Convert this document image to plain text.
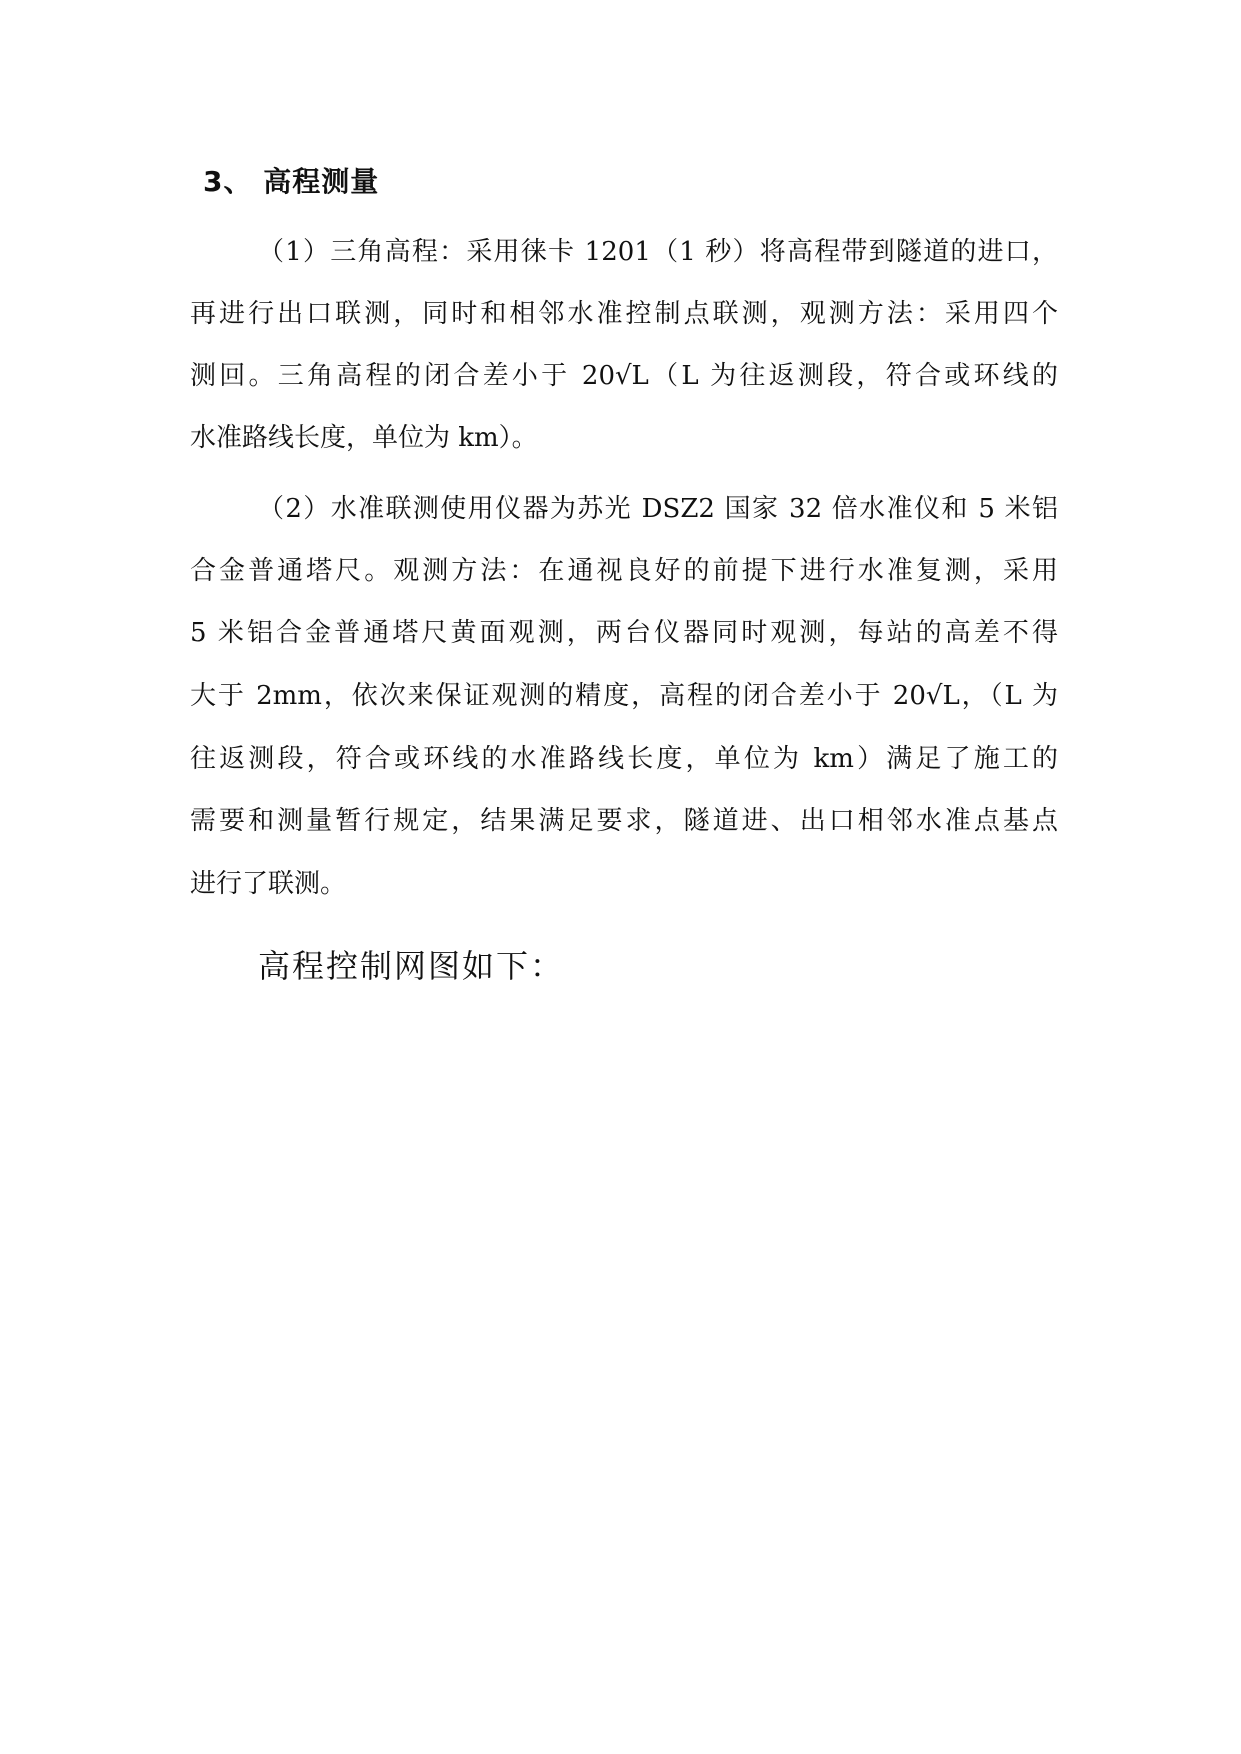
3、 高程测量
（1）三角高程：采用徕卡 1201（1 秒）将高程带到隧道的进口，
再进行出口联测，同时和相邻水准控制点联测，观测方法：采用四个
测回。三角高程的闭合差小于 20√L（L 为往返测段，符合或环线的
水准路线长度，单位为 km）。
（2）水准联测使用仪器为苏光 DSZ2 国家 32 倍水准仪和 5 米铝
合金普通塔尺。观测方法：在通视良好的前提下进行水准复测，采用
5 米铝合金普通塔尺黄面观测，两台仪器同时观测，每站的高差不得
大于 2mm，依次来保证观测的精度，高程的闭合差小于 20√L，（L 为
往返测段，符合或环线的水准路线长度，单位为 km）满足了施工的
需要和测量暂行规定，结果满足要求，隧道进、出口相邻水准点基点
进行了联测。
高程控制网图如下：
